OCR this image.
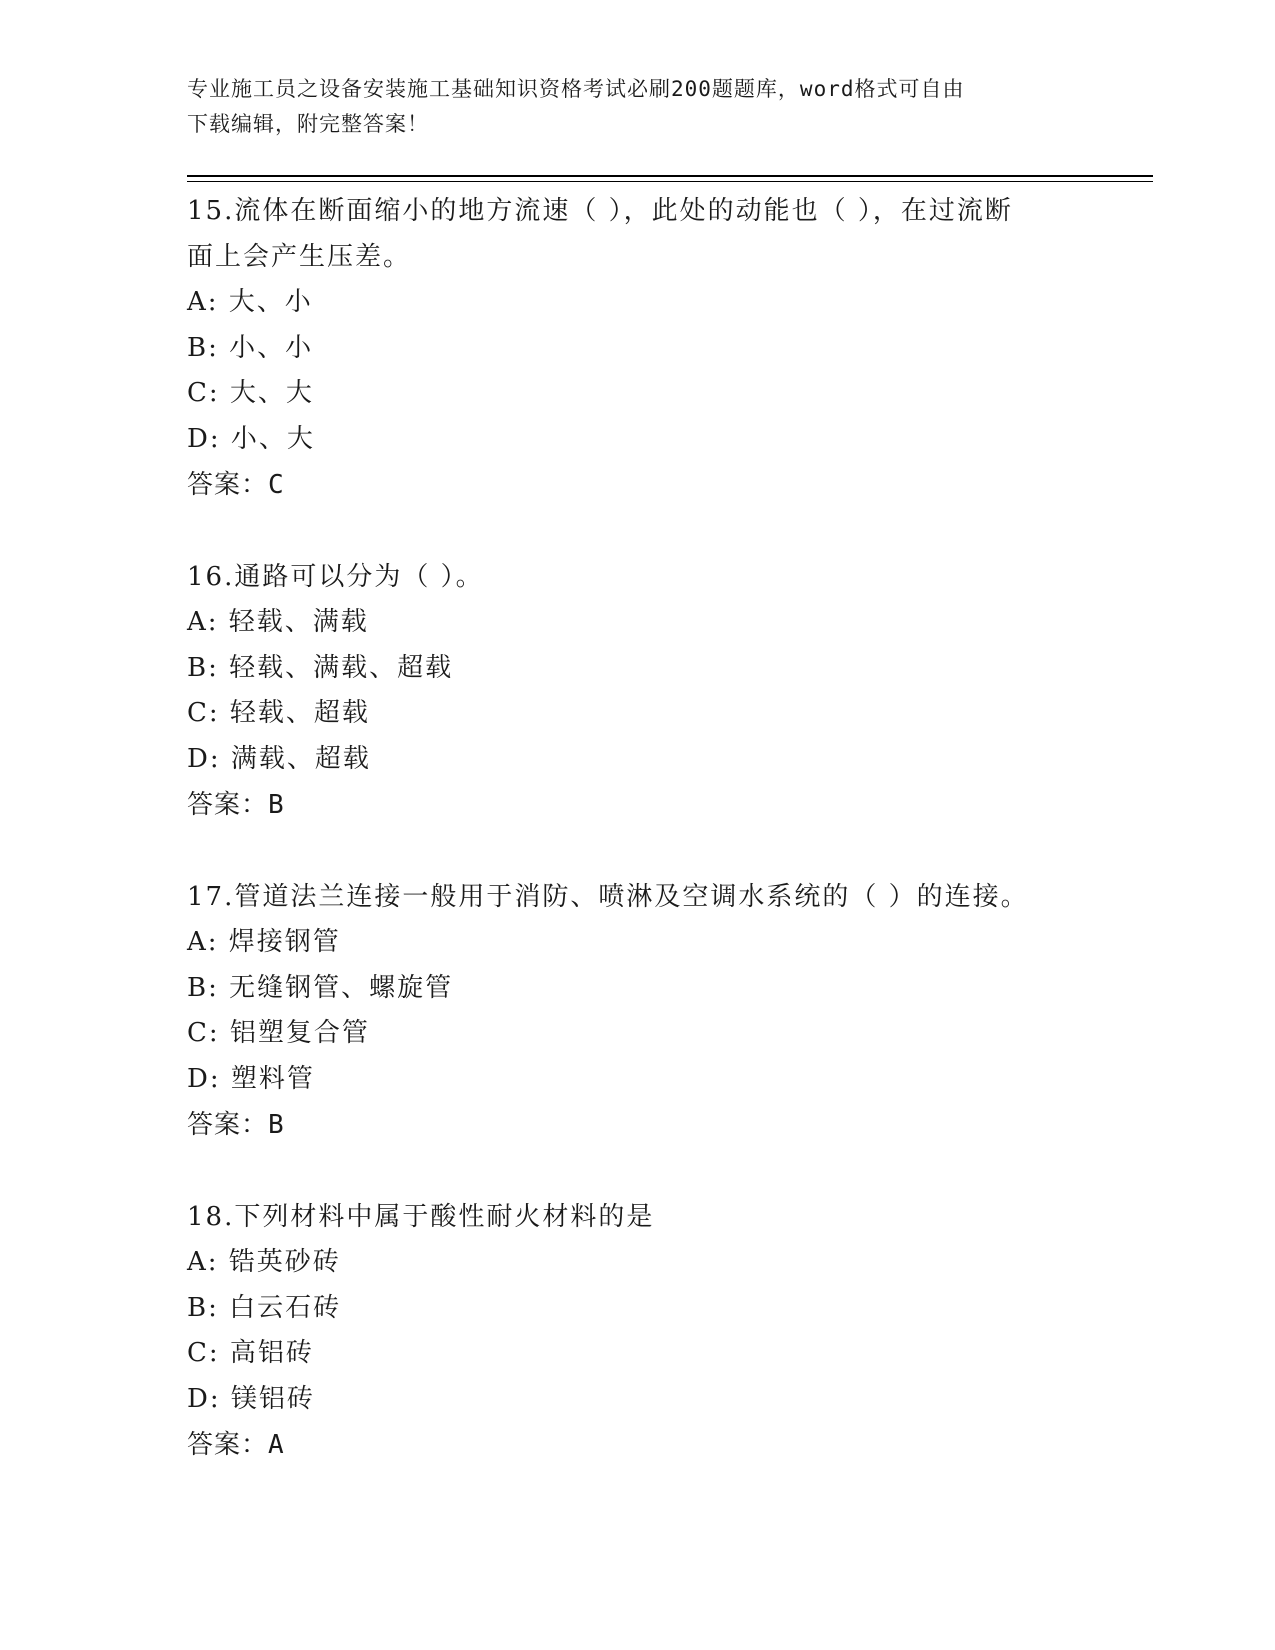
专业施工员之设备安装施工基础知识资格考试必刷200题题库，word格式可自由
下载编辑，附完整答案！
15.流体在断面缩小的地方流速（ ），此处的动能也（ ），在过流断
面上会产生压差。
A: 大、小
B: 小、小
C: 大、大
D: 小、大
答案：C
16.通路可以分为（ ）。
A: 轻载、满载
B: 轻载、满载、超载
C: 轻载、超载
D: 满载、超载
答案：B
17.管道法兰连接一般用于消防、喷淋及空调水系统的（ ）的连接。
A: 焊接钢管
B: 无缝钢管、螺旋管
C: 铝塑复合管
D: 塑料管
答案：B
18.下列材料中属于酸性耐火材料的是
A: 锆英砂砖
B: 白云石砖
C: 高铝砖
D: 镁铝砖
答案：A
